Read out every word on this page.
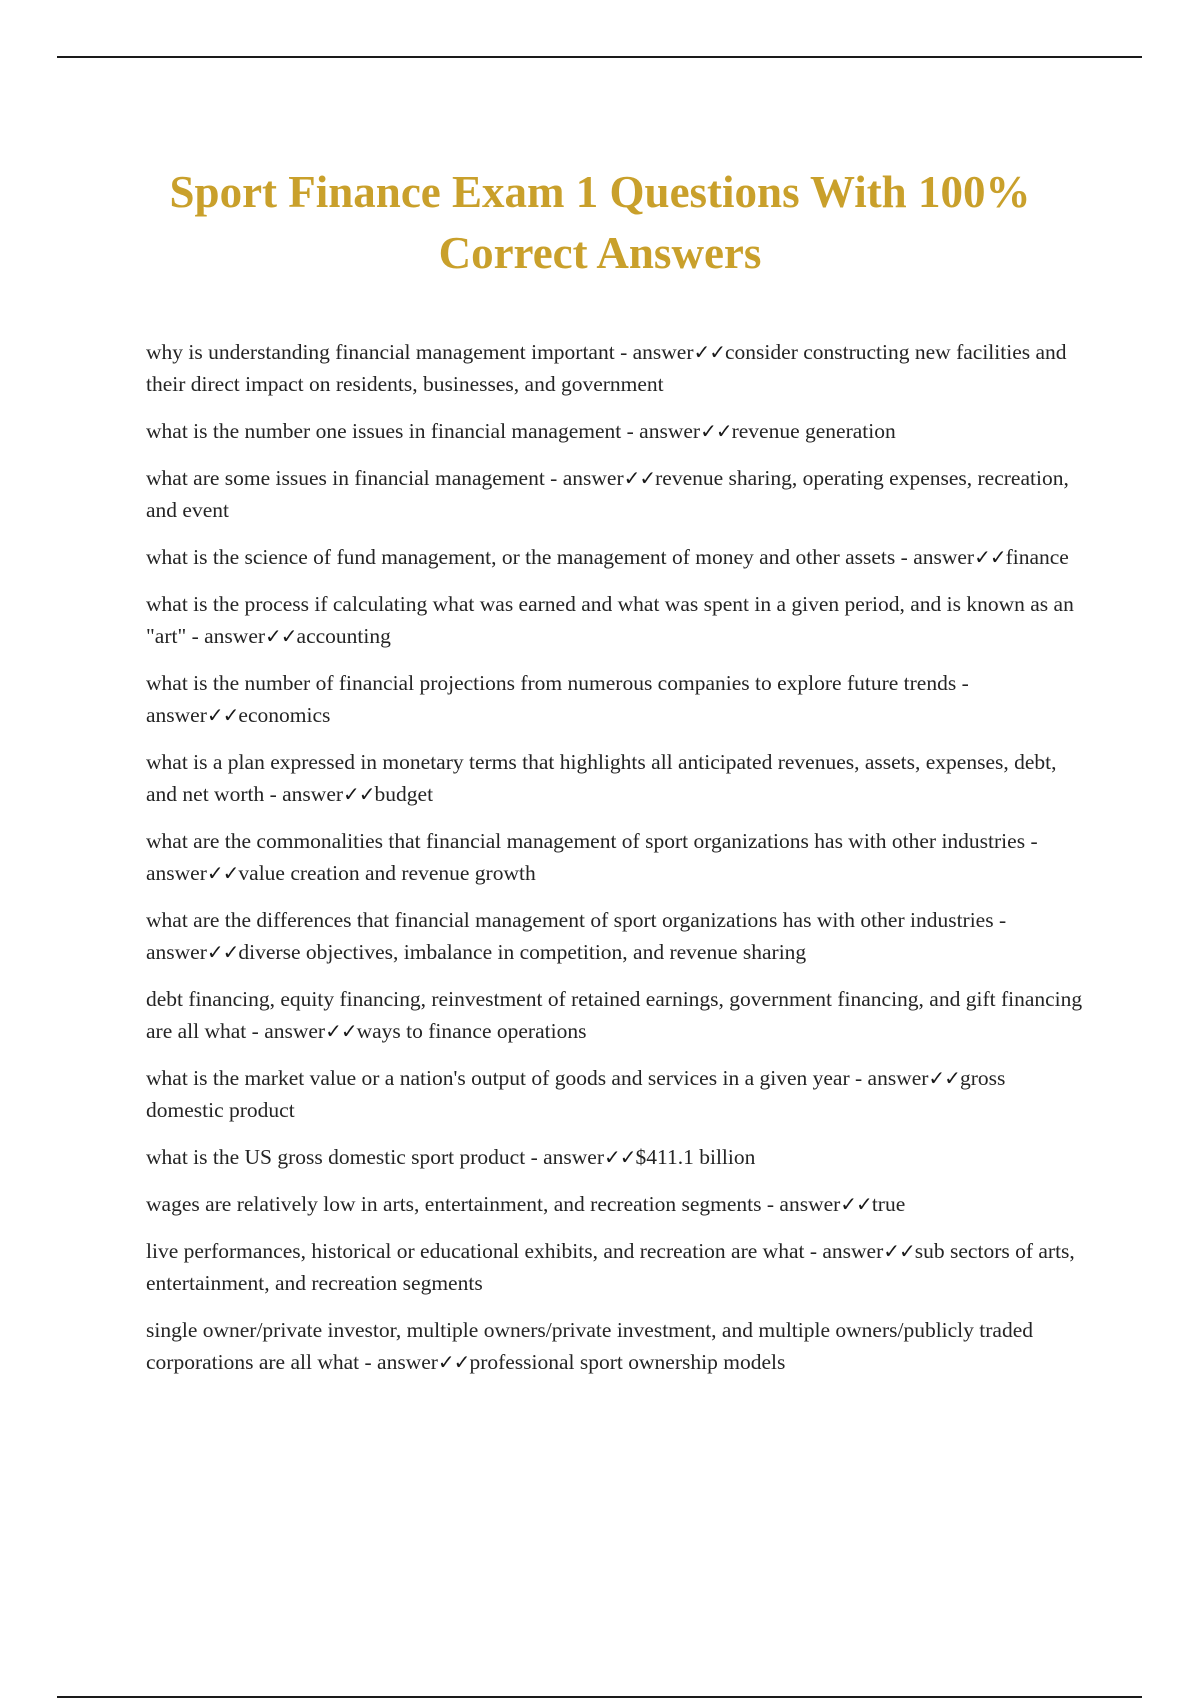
Sport Finance Exam 1 Questions With 100% Correct Answers
why is understanding financial management important - answer✓✓consider constructing new facilities and their direct impact on residents, businesses, and government
what is the number one issues in financial management - answer✓✓revenue generation
what are some issues in financial management - answer✓✓revenue sharing, operating expenses, recreation, and event
what is the science of fund management, or the management of money and other assets - answer✓✓finance
what is the process if calculating what was earned and what was spent in a given period, and is known as an "art" - answer✓✓accounting
what is the number of financial projections from numerous companies to explore future trends - answer✓✓economics
what is a plan expressed in monetary terms that highlights all anticipated revenues, assets, expenses, debt, and net worth - answer✓✓budget
what are the commonalities that financial management of sport organizations has with other industries - answer✓✓value creation and revenue growth
what are the differences that financial management of sport organizations has with other industries - answer✓✓diverse objectives, imbalance in competition, and revenue sharing
debt financing, equity financing, reinvestment of retained earnings, government financing, and gift financing are all what - answer✓✓ways to finance operations
what is the market value or a nation's output of goods and services in a given year - answer✓✓gross domestic product
what is the US gross domestic sport product - answer✓✓$411.1 billion
wages are relatively low in arts, entertainment, and recreation segments - answer✓✓true
live performances, historical or educational exhibits, and recreation are what - answer✓✓sub sectors of arts, entertainment, and recreation segments
single owner/private investor, multiple owners/private investment, and multiple owners/publicly traded corporations are all what - answer✓✓professional sport ownership models
